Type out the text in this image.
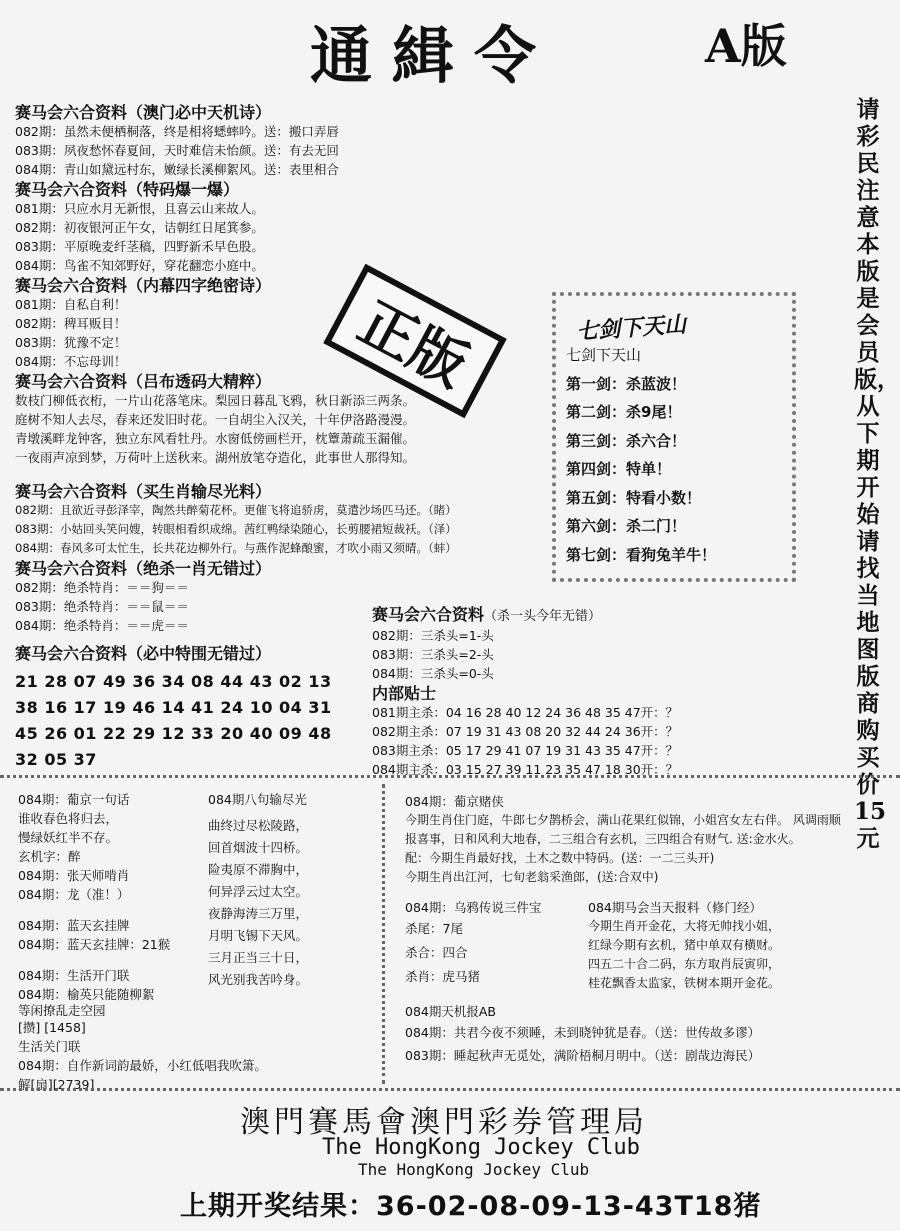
通緝令	A版
请彩民注意本版是会员版，从下期开始请找当地图版商购买价15元
赛马会六合资料（澳门必中天机诗）
082期：虽然未便栖桐落，终是相将蟋蟀吟。送：搬口弄唇
083期：夙夜愁怀春夏间，天时难信未怡颜。送：有去无回
084期：青山如黛远村东，嫩绿长溪柳絮风。送：表里相合
赛马会六合资料（特码爆一爆）
081期：只应水月无新恨，且喜云山来故人。
082期：初夜银河正午女，诘朝红日尾箕参。
083期：平原晚麦纤茎稿，四野新禾早色股。
084期：鸟雀不知郊野好，穿花翻恋小庭中。
赛马会六合资料（内幕四字绝密诗）
081期：自私自利！
082期：稗耳贩目！
083期：犹豫不定！
084期：不忘母训！
赛马会六合资料（吕布透码大精粹）
数枝门柳低衣桁，一片山花落笔床。梨园日暮乱飞鸦，秋日新添三两条。
庭树不知人去尽，春来还发旧时花。一自胡尘入汉关，十年伊洛路漫漫。
青墩溪畔龙钟客，独立东风看牡丹。水窗低傍画栏开，枕簟萧疏玉漏催。
一夜雨声凉到梦，万荷叶上送秋来。湖州放笔夺造化，此事世人那得知。
赛马会六合资料（买生肖输尽光料）
082期：且欲近寻彭泽宰，陶然共醉菊花杯。更催飞将追骄虏，莫遣沙场匹马还。（睹）
083期：小姑回头笑问嫂，转眼相看织成绵。茜红鸭绿染随心，长剪腰裙短裁袄。（泽）
084期：春风多可太忙生，长共花边柳外行。与燕作泥蜂酿蜜，才吹小雨又须晴。（蚌）
赛马会六合资料（绝杀一肖无错过）
082期：绝杀特肖：＝＝狗＝＝
083期：绝杀特肖：＝＝鼠＝＝
084期：绝杀特肖：＝＝虎＝＝
赛马会六合资料（必中特围无错过）
21 28 07 49 36 34 08 44 43 02 13
38 16 17 19 46 14 41 24 10 04 31
45 26 01 22 29 12 33 20 40 09 48
32 05 37
正版	七剑下天山
七剑下天山
第一剑：杀蓝波！
第二剑：杀9尾！
第三剑：杀六合！
第四剑：特单！
第五剑：特看小数！
第六剑：杀二门！
第七剑：看狗兔羊牛！
赛马会六合资料（杀一头今年无错）
082期：三杀头=1-头
083期：三杀头=2-头
084期：三杀头=0-头
内部贴士
081期主杀：04 16 28 40 12 24 36 48 35 47开：？
082期主杀：07 19 31 43 08 20 32 44 24 36开：？
083期主杀：05 17 29 41 07 19 31 43 35 47开：？
084期主杀：03 15 27 39 11 23 35 47 18 30开：？
084期：葡京一句话
谁收春色将归去，
慢绿妖红半不存。
玄机字：醉
084期：张天师啃肖
084期：龙（准！）
084期：蓝天玄挂牌
084期：蓝天玄挂牌：21猴
084期：生活开门联
084期：榆英只能随柳絮
等闲撩乱走空园
[攒] [1458]
生活关门联
084期：自作新词韵最娇，小红低唱我吹箫。
解[扇][2739]
084期八句输尽光
曲终过尽松陵路，
回首烟波十四桥。
险夷原不滞胸中，
何异浮云过太空。
夜静海涛三万里，
月明飞锡下天风。
三月正当三十日，
风光别我苦吟身。
084期：葡京赌侠
今期生肖住门庭，牛郎七夕鹊桥会，满山花果红似锦，小姐宫女左右伴。 风调雨顺
报喜事，日和风利大地春，二三组合有玄机，三四组合有财气. 送:金水火。
配：今期生肖最好找，土木之数中特码。(送：一二三头开)
今期生肖出江河，七旬老翁采渔郎，(送:合双中)
084期：乌鸦传说三件宝
杀尾：7尾
杀合：四合
杀肖：虎马猪
084期马会当天报料（修门经）
今期生肖开金花，大将无帅找小姐，
红绿今期有玄机，猪中单双有横财。
四五二十合二码，东方取肖辰寅卯，
桂花飘香太监家，铁树本期开金花。
084期天机报AB
084期：共君今夜不须睡，未到晓钟犹是春。（送：世传故多谬）
083期：睡起秋声无觅处，满阶梧桐月明中。（送：剧哉边海民）
澳門賽馬會澳門彩券管理局
The HongKong Jockey Club
The HongKong Jockey Club
上期开奖结果：36-02-08-09-13-43T18猪
